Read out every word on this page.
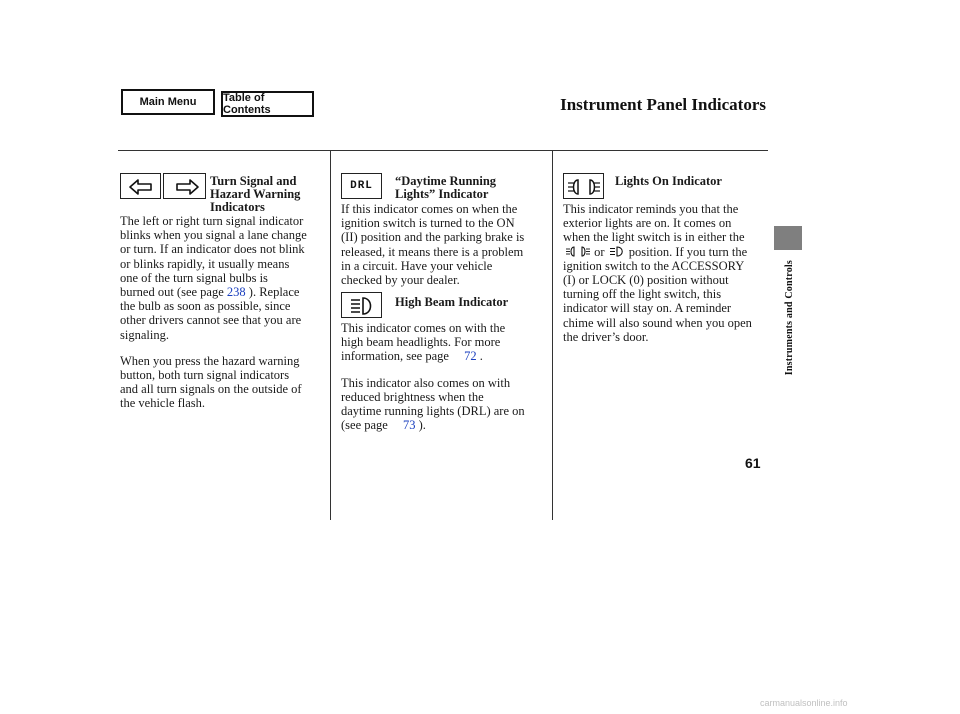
Main Menu	Table of Contents	Instrument Panel Indicators
Instruments and Controls
61
Turn Signal and
Hazard Warning
Indicators

The left or right turn signal indicator
blinks when you signal a lane change
or turn. If an indicator does not blink
or blinks rapidly, it usually means
one of the turn signal bulbs is
burned out (see page 238 ). Replace
the bulb as soon as possible, since
other drivers cannot see that you are
signaling.

When you press the hazard warning
button, both turn signal indicators
and all turn signals on the outside of
the vehicle flash.

DRL	“Daytime Running
Lights” Indicator

If this indicator comes on when the
ignition switch is turned to the ON
(II) position and the parking brake is
released, it means there is a problem
in a circuit. Have your vehicle
checked by your dealer.

High Beam Indicator

This indicator comes on with the
high beam headlights. For more
information, see page 72 .

This indicator also comes on with
reduced brightness when the
daytime running lights (DRL) are on
(see page 73 ).

Lights On Indicator

This indicator reminds you that the
exterior lights are on. It comes on
when the light switch is in either the
or position. If you turn the
ignition switch to the ACCESSORY
(I) or LOCK (0) position without
turning off the light switch, this
indicator will stay on. A reminder
chime will also sound when you open
the driver’s door.

carmanualsonline.info
